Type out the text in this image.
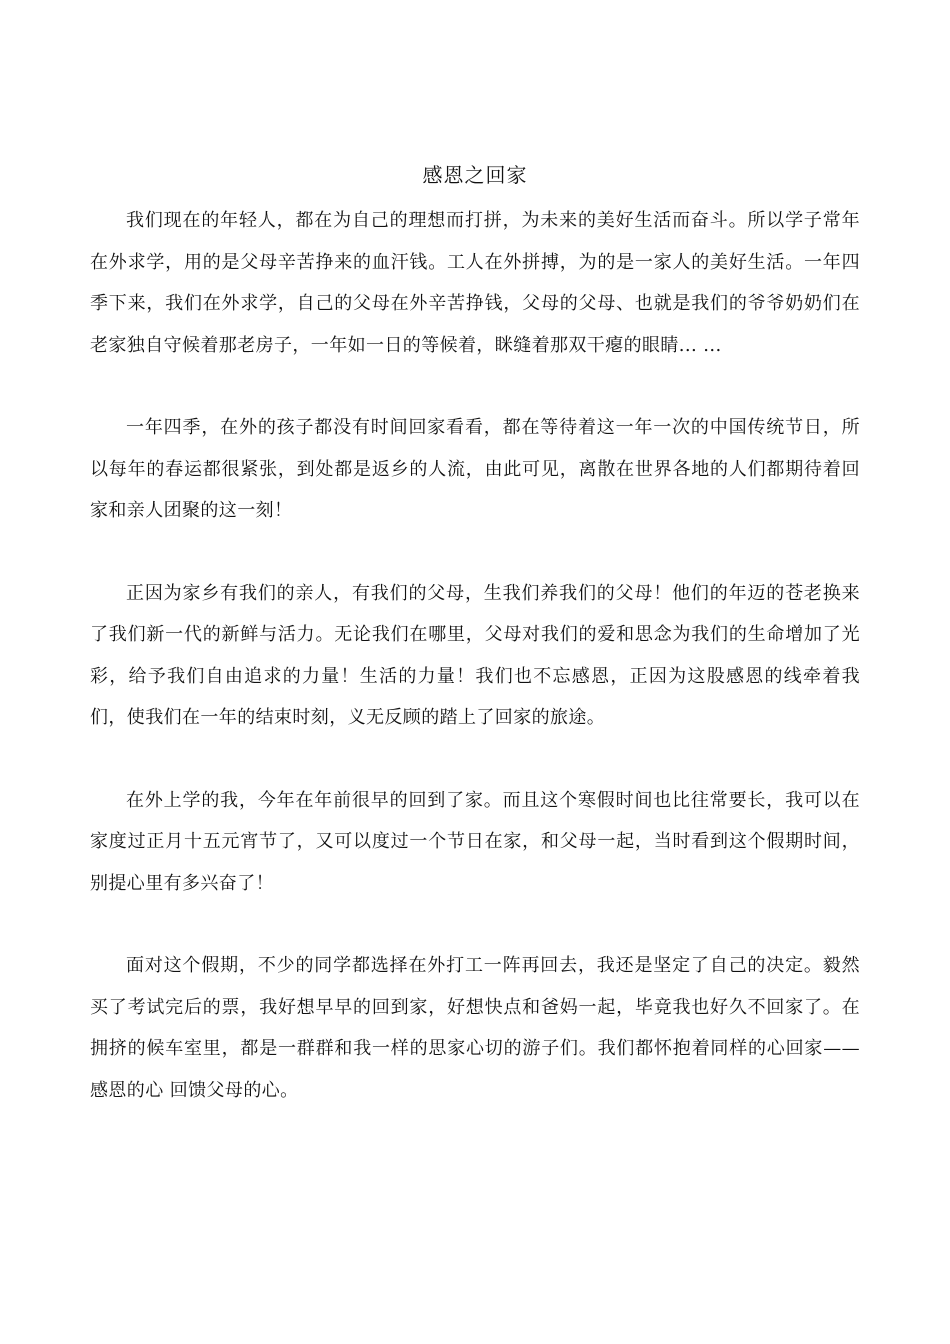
感恩之回家

我们现在的年轻人，都在为自己的理想而打拼，为未来的美好生活而奋斗。所以学子常年在外求学，用的是父母辛苦挣来的血汗钱。工人在外拼搏，为的是一家人的美好生活。一年四季下来，我们在外求学，自己的父母在外辛苦挣钱，父母的父母、也就是我们的爷爷奶奶们在老家独自守候着那老房子，一年如一日的等候着，眯缝着那双干瘪的眼睛... ...

一年四季，在外的孩子都没有时间回家看看，都在等待着这一年一次的中国传统节日，所以每年的春运都很紧张，到处都是返乡的人流，由此可见，离散在世界各地的人们都期待着回家和亲人团聚的这一刻！

正因为家乡有我们的亲人，有我们的父母，生我们养我们的父母！他们的年迈的苍老换来了我们新一代的新鲜与活力。无论我们在哪里，父母对我们的爱和思念为我们的生命增加了光彩，给予我们自由追求的力量！生活的力量！我们也不忘感恩，正因为这股感恩的线牵着我们，使我们在一年的结束时刻，义无反顾的踏上了回家的旅途。

在外上学的我，今年在年前很早的回到了家。而且这个寒假时间也比往常要长，我可以在家度过正月十五元宵节了，又可以度过一个节日在家，和父母一起，当时看到这个假期时间，别提心里有多兴奋了！

面对这个假期，不少的同学都选择在外打工一阵再回去，我还是坚定了自己的决定。毅然买了考试完后的票，我好想早早的回到家，好想快点和爸妈一起，毕竟我也好久不回家了。在拥挤的候车室里，都是一群群和我一样的思家心切的游子们。我们都怀抱着同样的心回家——感恩的心 回馈父母的心。
